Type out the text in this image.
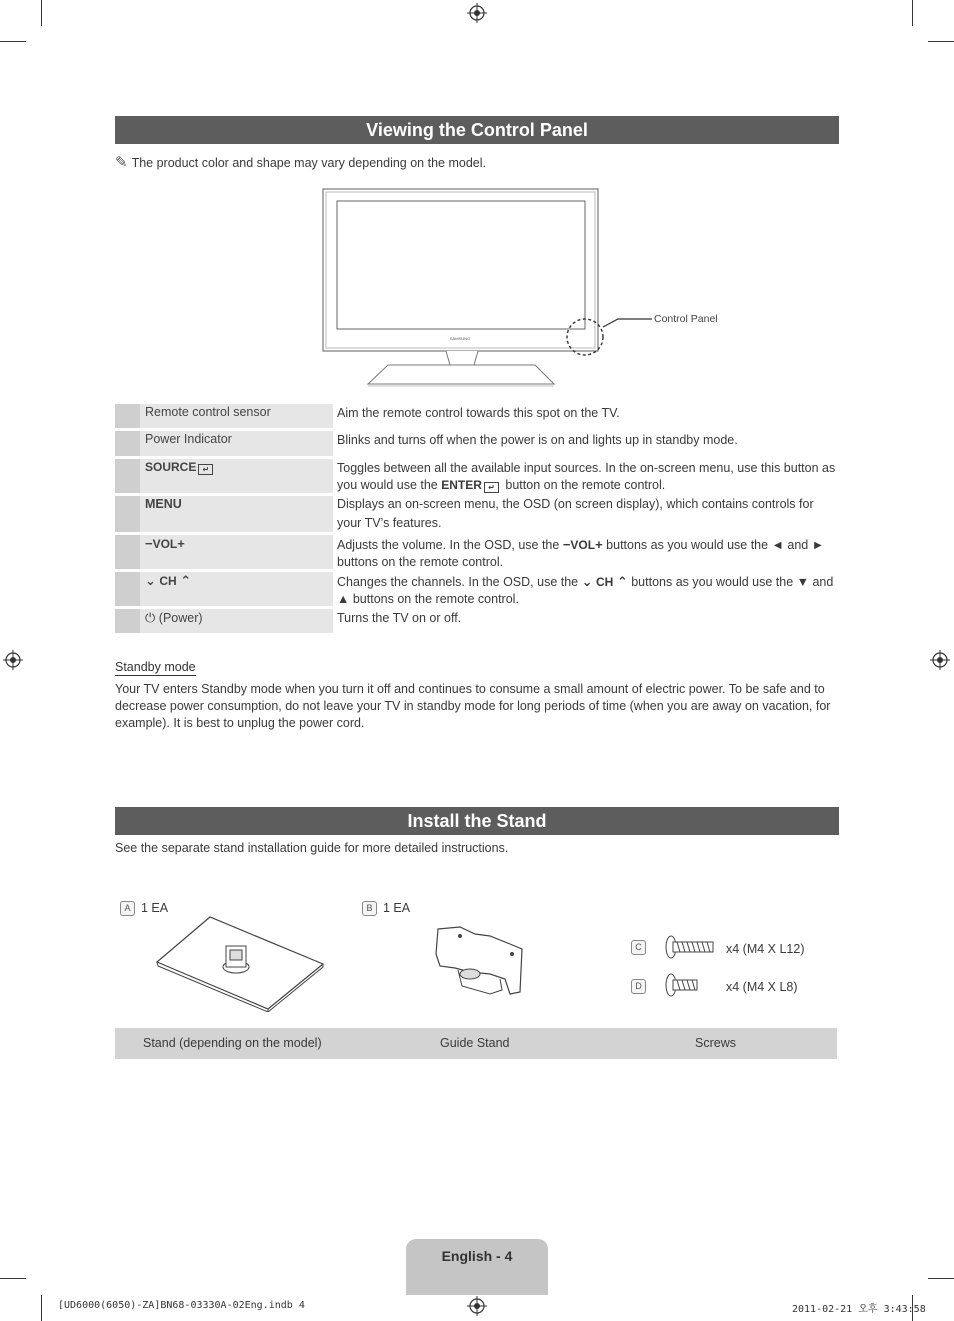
Viewing the Control Panel
✎ The product color and shape may vary depending on the model.
SAMSUNG
Control Panel
Remote control sensor	Aim the remote control towards this spot on the TV.
Power Indicator	Blinks and turns off when the power is on and lights up in standby mode.
SOURCE ↵	Toggles between all the available input sources. In the on-screen menu, use this button as you would use the ENTER ↵ button on the remote control.
MENU	Displays an on-screen menu, the OSD (on screen display), which contains controls for your TV’s features.
−VOL+	Adjusts the volume. In the OSD, use the −VOL+ buttons as you would use the ◄ and ► buttons on the remote control.
⌄ CH ⌃	Changes the channels. In the OSD, use the ⌄ CH ⌃ buttons as you would use the ▼ and ▲ buttons on the remote control.
⏻ (Power)	Turns the TV on or off.
Standby mode
Your TV enters Standby mode when you turn it off and continues to consume a small amount of electric power. To be safe and to decrease power consumption, do not leave your TV in standby mode for long periods of time (when you are away on vacation, for example). It is best to unplug the power cord.
Install the Stand
See the separate stand installation guide for more detailed instructions.
A 1 EA	B 1 EA
C	x4 (M4 X L12)
D	x4 (M4 X L8)
Stand (depending on the model)	Guide Stand	Screws
English - 4
[UD6000(6050)-ZA]BN68-03330A-02Eng.indb 4	2011-02-21 오후 3:43:58
